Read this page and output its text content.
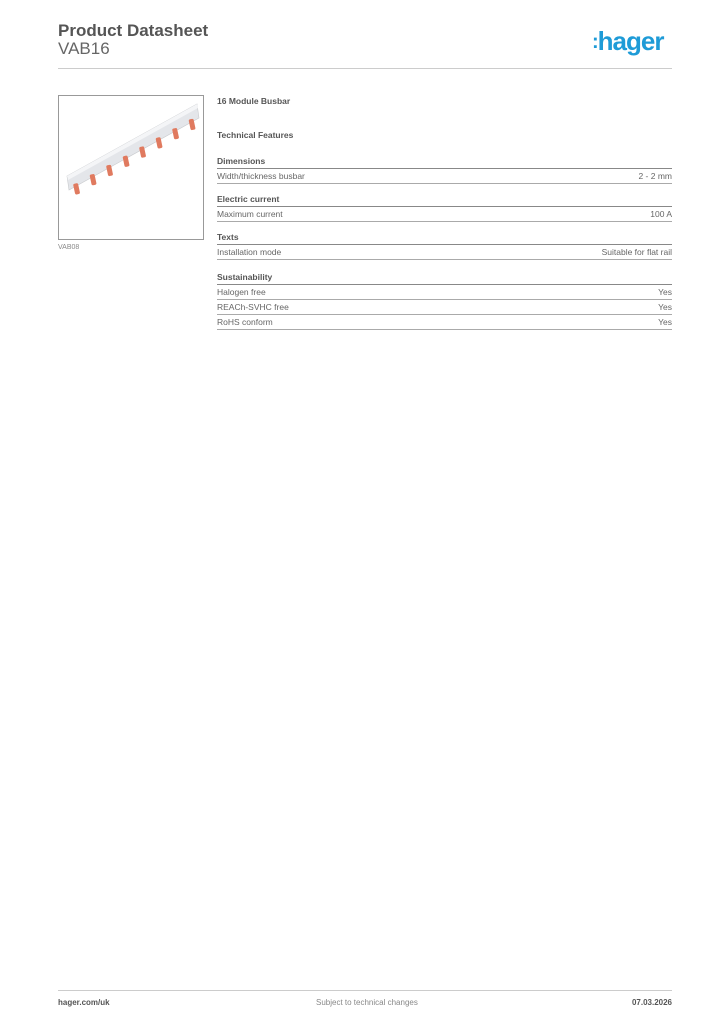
Product Datasheet
VAB16	:hager
VAB08
16 Module Busbar
Technical Features
Dimensions
Width/thickness busbar	2 - 2 mm
Electric current
Maximum current	100 A
Texts
Installation mode	Suitable for flat rail
Sustainability
Halogen free	Yes
REACh-SVHC free	Yes
RoHS conform	Yes
hager.com/uk	Subject to technical changes	07.03.2026
